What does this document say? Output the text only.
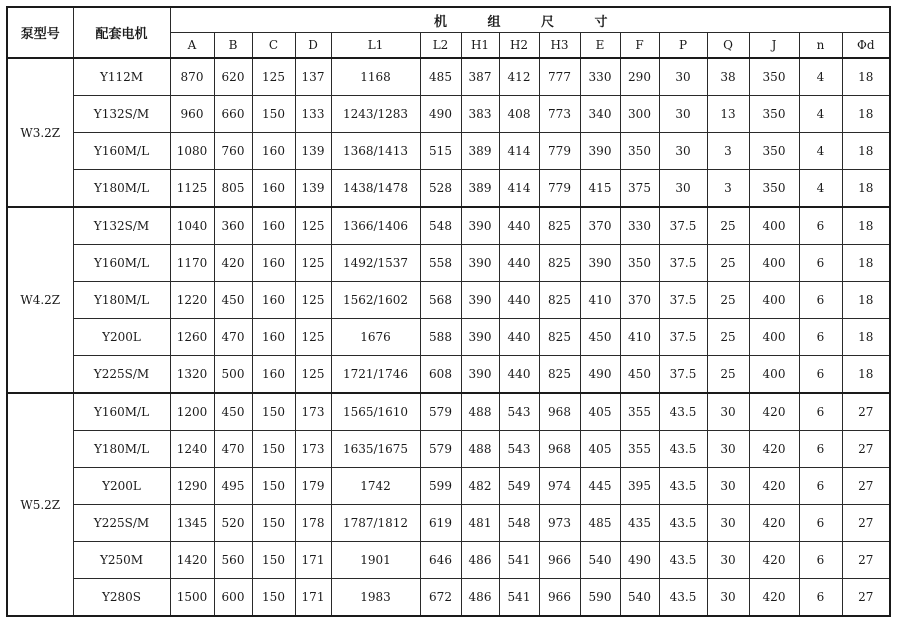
泵型号	配套电机	机 组 尺 寸															
		A	B	C	D	L1	L2	H1	H2	H3	E	F	P	Q	J	n	Φd
W3.2Z	Y112M	870	620	125	137	1168	485	387	412	777	330	290	30	38	350	4	18
	Y132S/M	960	660	150	133	1243/1283	490	383	408	773	340	300	30	13	350	4	18
	Y160M/L	1080	760	160	139	1368/1413	515	389	414	779	390	350	30	3	350	4	18
	Y180M/L	1125	805	160	139	1438/1478	528	389	414	779	415	375	30	3	350	4	18
W4.2Z	Y132S/M	1040	360	160	125	1366/1406	548	390	440	825	370	330	37.5	25	400	6	18
	Y160M/L	1170	420	160	125	1492/1537	558	390	440	825	390	350	37.5	25	400	6	18
	Y180M/L	1220	450	160	125	1562/1602	568	390	440	825	410	370	37.5	25	400	6	18
	Y200L	1260	470	160	125	1676	588	390	440	825	450	410	37.5	25	400	6	18
	Y225S/M	1320	500	160	125	1721/1746	608	390	440	825	490	450	37.5	25	400	6	18
W5.2Z	Y160M/L	1200	450	150	173	1565/1610	579	488	543	968	405	355	43.5	30	420	6	27
	Y180M/L	1240	470	150	173	1635/1675	579	488	543	968	405	355	43.5	30	420	6	27
	Y200L	1290	495	150	179	1742	599	482	549	974	445	395	43.5	30	420	6	27
	Y225S/M	1345	520	150	178	1787/1812	619	481	548	973	485	435	43.5	30	420	6	27
	Y250M	1420	560	150	171	1901	646	486	541	966	540	490	43.5	30	420	6	27
	Y280S	1500	600	150	171	1983	672	486	541	966	590	540	43.5	30	420	6	27
